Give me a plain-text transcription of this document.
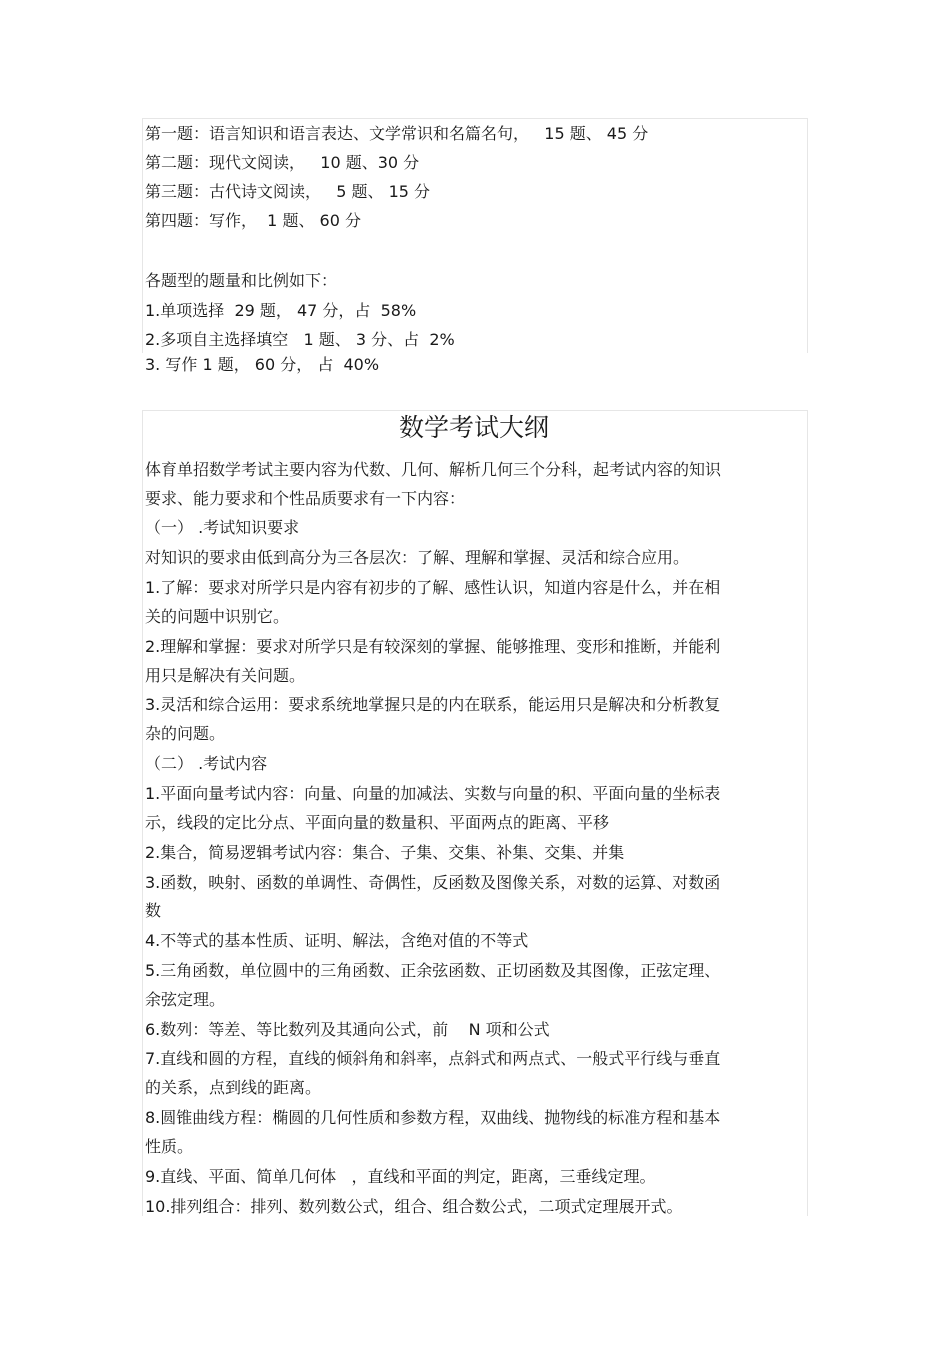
第一题：语言知识和语言表达、文学常识和名篇名句，   15 题、 45 分
第二题：现代文阅读，   10 题、30 分
第三题：古代诗文阅读，   5 题、 15 分
第四题：写作，  1 题、 60 分
各题型的题量和比例如下：
1.单项选择  29 题， 47 分，占  58%
2.多项自主选择填空   1 题、 3 分、占  2%
3. 写作 1 题， 60 分， 占  40%
数学考试大纲
体育单招数学考试主要内容为代数、几何、解析几何三个分科，起考试内容的知识
要求、能力要求和个性品质要求有一下内容：
（一） .考试知识要求
对知识的要求由低到高分为三各层次：了解、理解和掌握、灵活和综合应用。
1.了解：要求对所学只是内容有初步的了解、感性认识，知道内容是什么，并在相
关的问题中识别它。
2.理解和掌握：要求对所学只是有较深刻的掌握、能够推理、变形和推断，并能利
用只是解决有关问题。
3.灵活和综合运用：要求系统地掌握只是的内在联系，能运用只是解决和分析教复
杂的问题。
（二） .考试内容
1.平面向量考试内容：向量、向量的加减法、实数与向量的积、平面向量的坐标表
示，线段的定比分点、平面向量的数量积、平面两点的距离、平移
2.集合，简易逻辑考试内容：集合、子集、交集、补集、交集、并集
3.函数，映射、函数的单调性、奇偶性，反函数及图像关系，对数的运算、对数函
数
4.不等式的基本性质、证明、解法，含绝对值的不等式
5.三角函数，单位圆中的三角函数、正余弦函数、正切函数及其图像，正弦定理、
余弦定理。
6.数列：等差、等比数列及其通向公式，前    N 项和公式
7.直线和圆的方程，直线的倾斜角和斜率，点斜式和两点式、一般式平行线与垂直
的关系，点到线的距离。
8.圆锥曲线方程：椭圆的几何性质和参数方程，双曲线、抛物线的标准方程和基本
性质。
9.直线、平面、简单几何体   ，直线和平面的判定，距离，三垂线定理。
10.排列组合：排列、数列数公式，组合、组合数公式，二项式定理展开式。
